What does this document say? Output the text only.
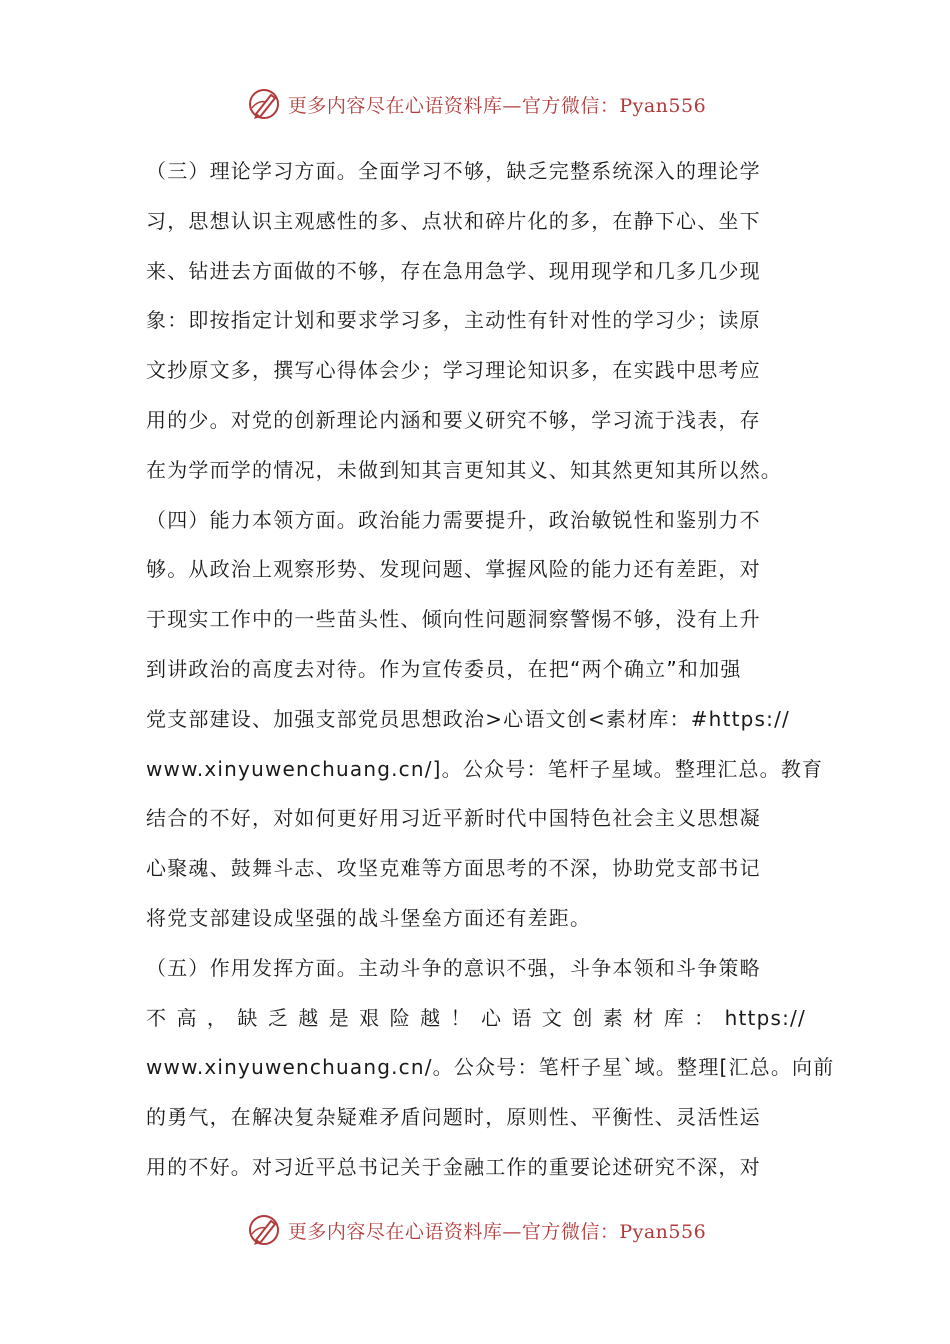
更多内容尽在心语资料库—官方微信：Pyan556
（三）理论学习方面。全面学习不够，缺乏完整系统深入的理论学
习，思想认识主观感性的多、点状和碎片化的多，在静下心、坐下
来、钻进去方面做的不够，存在急用急学、现用现学和几多几少现
象：即按指定计划和要求学习多，主动性有针对性的学习少；读原
文抄原文多，撰写心得体会少；学习理论知识多，在实践中思考应
用的少。对党的创新理论内涵和要义研究不够，学习流于浅表，存
在为学而学的情况，未做到知其言更知其义、知其然更知其所以然。
（四）能力本领方面。政治能力需要提升，政治敏锐性和鉴别力不
够。从政治上观察形势、发现问题、掌握风险的能力还有差距，对
于现实工作中的一些苗头性、倾向性问题洞察警惕不够，没有上升
到讲政治的高度去对待。作为宣传委员，在把“两个确立”和加强
党支部建设、加强支部党员思想政治>心语文创<素材库：#https://
www.xinyuwenchuang.cn/]。公众号：笔杆子星域。整理汇总。教育
结合的不好，对如何更好用习近平新时代中国特色社会主义思想凝
心聚魂、鼓舞斗志、攻坚克难等方面思考的不深，协助党支部书记
将党支部建设成坚强的战斗堡垒方面还有差距。
（五）作用发挥方面。主动斗争的意识不强，斗争本领和斗争策略
不 高 ， 缺 乏 越 是 艰 险 越 ！ 心 语 文 创 素 材 库 ： https://
www.xinyuwenchuang.cn/。公众号：笔杆子星`域。整理[汇总。向前
的勇气，在解决复杂疑难矛盾问题时，原则性、平衡性、灵活性运
用的不好。对习近平总书记关于金融工作的重要论述研究不深，对
更多内容尽在心语资料库—官方微信：Pyan556
